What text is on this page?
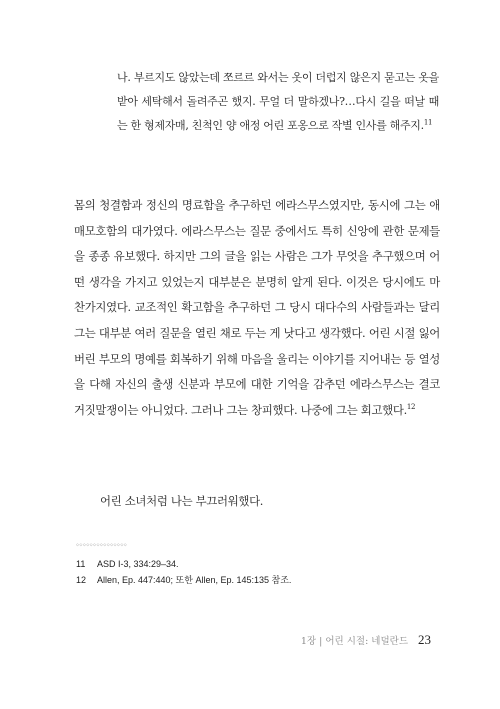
나. 부르지도 않았는데 쪼르르 와서는 옷이 더럽지 않은지 묻고는 옷을 받아 세탁해서 돌려주곤 했지. 무얼 더 말하겠나?…다시 길을 떠날 때는 한 형제자매, 친척인 양 애정 어린 포옹으로 작별 인사를 해주지.$^{11}$

몸의 청결함과 정신의 명료함을 추구하던 에라스무스였지만, 동시에 그는 애매모호함의 대가였다. 에라스무스는 질문 중에서도 특히 신앙에 관한 문제들을 종종 유보했다. 하지만 그의 글을 읽는 사람은 그가 무엇을 추구했으며 어떤 생각을 가지고 있었는지 대부분은 분명히 알게 된다. 이것은 당시에도 마찬가지였다. 교조적인 확고함을 추구하던 그 당시 대다수의 사람들과는 달리 그는 대부분 여러 질문을 열린 채로 두는 게 낫다고 생각했다. 어린 시절 잃어버린 부모의 명예를 회복하기 위해 마음을 울리는 이야기를 지어내는 등 열성을 다해 자신의 출생 신분과 부모에 대한 기억을 감추던 에라스무스는 결코 거짓말쟁이는 아니었다. 그러나 그는 창피했다. 나중에 그는 회고했다.$^{12}$

어린 소녀처럼 나는 부끄러워했다.

◇◇◇◇◇◇◇◇◇◇◇◇◇◇◇
11	ASD I-3, 334:29–34.
12	Allen, Ep. 447:440; 또한 Allen, Ep. 145:135 참조.
1장 | 어린 시절: 네덜란드 23
